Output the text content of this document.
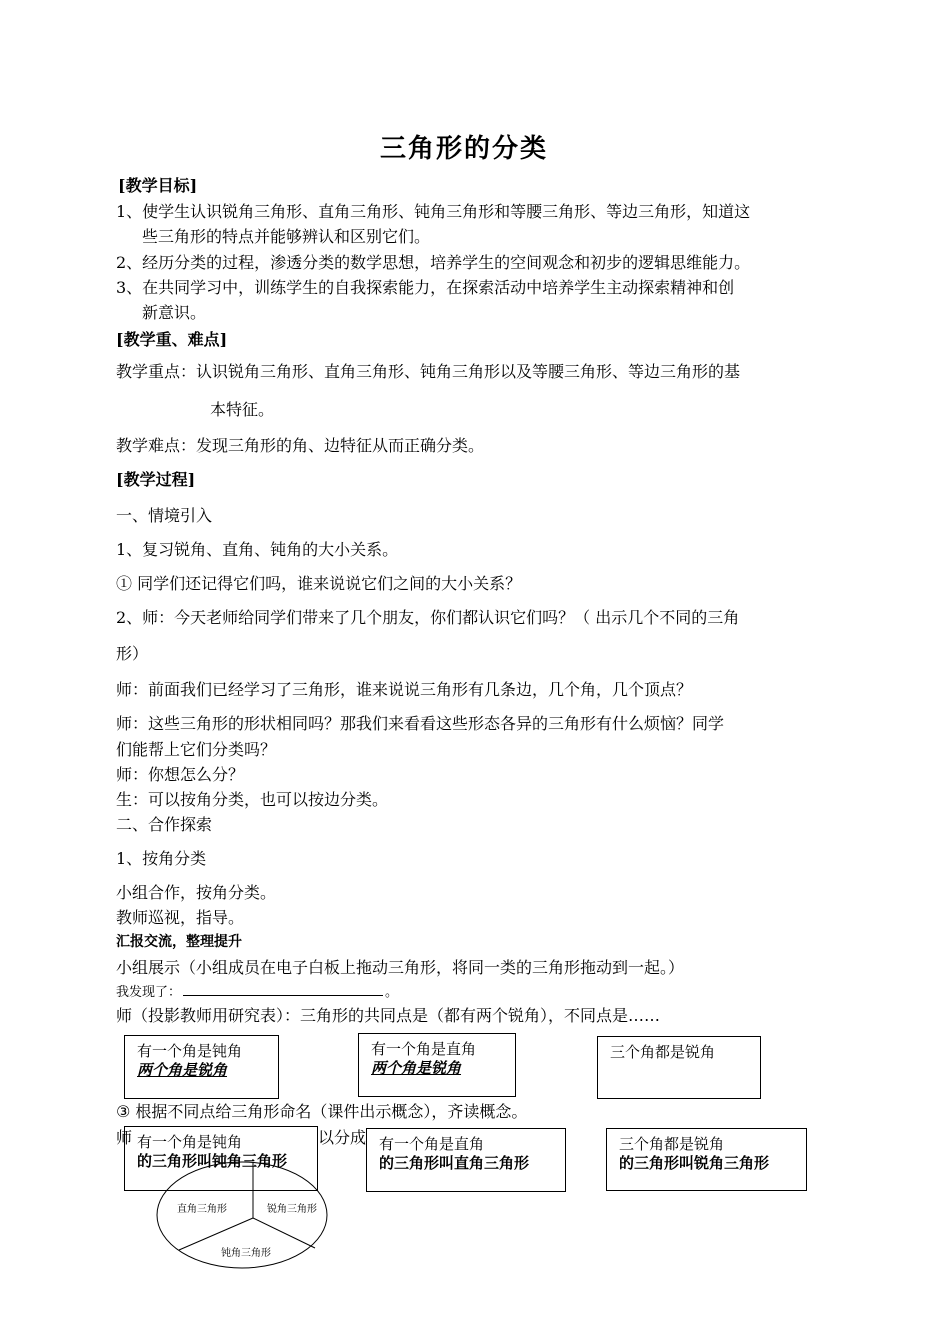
三角形的分类
[教学目标]
1、使学生认识锐角三角形、直角三角形、钝角三角形和等腰三角形、等边三角形，知道这
些三角形的特点并能够辨认和区别它们。
2、经历分类的过程，渗透分类的数学思想，培养学生的空间观念和初步的逻辑思维能力。
3、在共同学习中，训练学生的自我探索能力，在探索活动中培养学生主动探索精神和创
新意识。
[教学重、难点]
教学重点：认识锐角三角形、直角三角形、钝角三角形以及等腰三角形、等边三角形的基
本特征。
教学难点：发现三角形的角、边特征从而正确分类。
[教学过程]
一、情境引入
1、复习锐角、直角、钝角的大小关系。
① 同学们还记得它们吗，谁来说说它们之间的大小关系？
2、师：今天老师给同学们带来了几个朋友，你们都认识它们吗？（ 出示几个不同的三角
形）
师：前面我们已经学习了三角形，谁来说说三角形有几条边，几个角，几个顶点？
师：这些三角形的形状相同吗？那我们来看看这些形态各异的三角形有什么烦恼？同学
们能帮上它们分类吗？
师：你想怎么分？
生：可以按角分类，也可以按边分类。
二、合作探索
1、按角分类
小组合作，按角分类。
教师巡视，指导。
汇报交流，整理提升
小组展示（小组成员在电子白板上拖动三角形，将同一类的三角形拖动到一起。）
我发现了：	。
师（投影教师用研究表）：三角形的共同点是（都有两个锐角），不同点是……
有一个角是钝角
两个角是锐角
有一个角是直角
两个角是锐角
三个角都是锐角
③ 根据不同点给三角形命名（课件出示概念），齐读概念。
师	以分成
直角三角形	锐角三角形
钝角三角形
有一个角是钝角
的三角形叫钝角三角形
有一个角是直角
的三角形叫直角三角形
三个角都是锐角
的三角形叫锐角三角形
